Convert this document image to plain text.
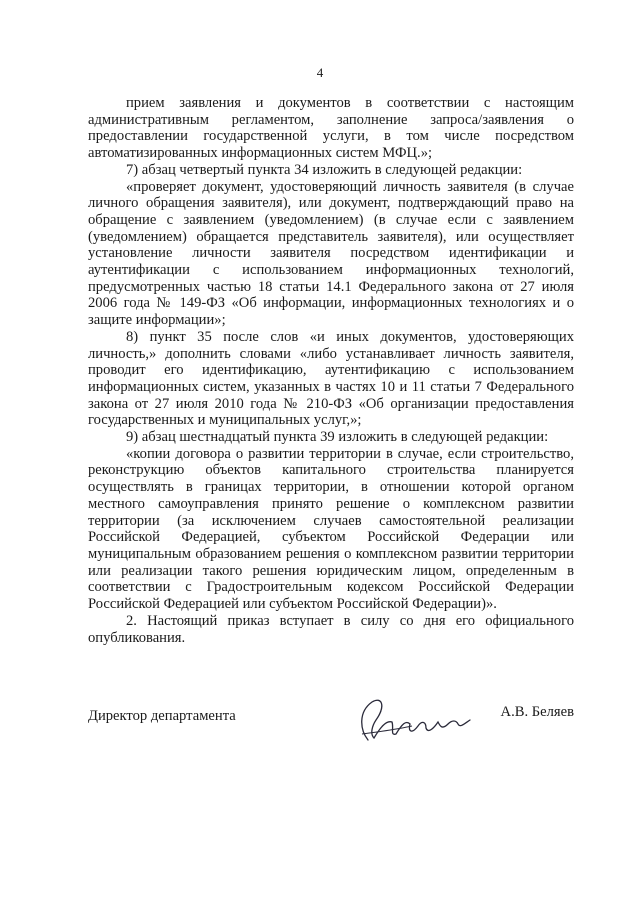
4

прием заявления и документов в соответствии с настоящим административным регламентом, заполнение запроса/заявления о предоставлении государственной услуги, в том числе посредством автоматизированных информационных систем МФЦ.»;

7) абзац четвертый пункта 34 изложить в следующей редакции:

«проверяет документ, удостоверяющий личность заявителя (в случае личного обращения заявителя), или документ, подтверждающий право на обращение с заявлением (уведомлением) (в случае если с заявлением (уведомлением) обращается представитель заявителя), или осуществляет установление личности заявителя посредством идентификации и аутентификации с использованием информационных технологий, предусмотренных частью 18 статьи 14.1 Федерального закона от 27 июля 2006 года № 149-ФЗ «Об информации, информационных технологиях и о защите информации»;

8) пункт 35 после слов «и иных документов, удостоверяющих личность,» дополнить словами «либо устанавливает личность заявителя, проводит его идентификацию, аутентификацию с использованием информационных систем, указанных в частях 10 и 11 статьи 7 Федерального закона от 27 июля 2010 года № 210-ФЗ «Об организации предоставления государственных и муниципальных услуг,»;

9) абзац шестнадцатый пункта 39 изложить в следующей редакции:

«копии договора о развитии территории в случае, если строительство, реконструкцию объектов капитального строительства планируется осуществлять в границах территории, в отношении которой органом местного самоуправления принято решение о комплексном развитии территории (за исключением случаев самостоятельной реализации Российской Федерацией, субъектом Российской Федерации или муниципальным образованием решения о комплексном развитии территории или реализации такого решения юридическим лицом, определенным в соответствии с Градостроительным кодексом Российской Федерации Российской Федерацией или субъектом Российской Федерации)».

2. Настоящий приказ вступает в силу со дня его официального опубликования.

Директор департамента	А.В. Беляев
